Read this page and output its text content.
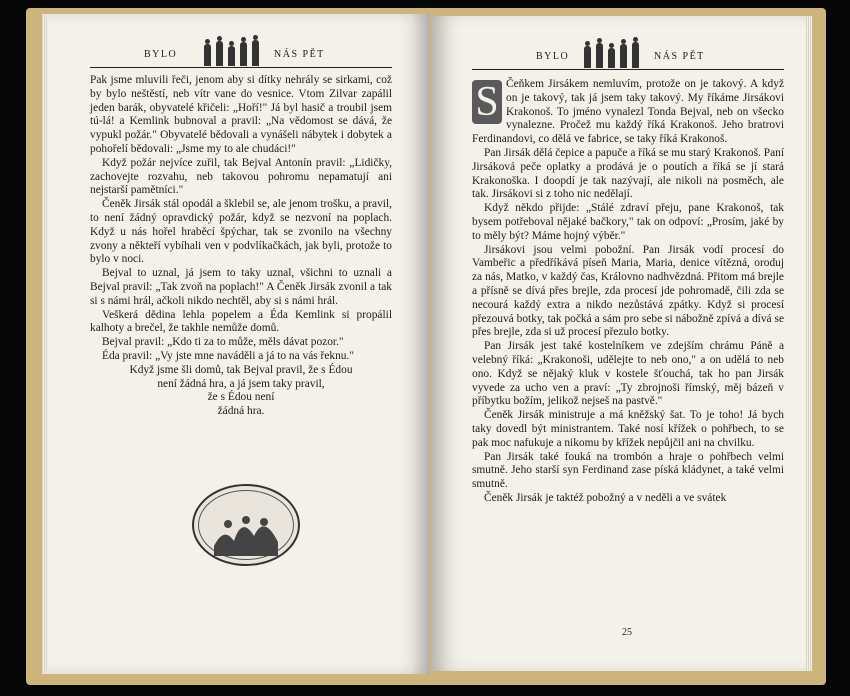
BYLO	NÁS PĚT

Pak jsme mluvili řeči, jenom aby si dítky nehrály se sirkami, což by bylo neštěstí, neb vítr vane do vesnice. Vtom Zilvar zapálil jeden barák, obyvatelé křičeli: „Hoří!" Já byl hasič a troubil jsem tú-lá! a Kemlink bubnoval a pravil: „Na vědomost se dává, že vypukl požár." Obyvatelé bědovali a vynášeli nábytek i dobytek a pohořelí bědovali: „Jsme my to ale chudáci!"

Když požár nejvíce zuřil, tak Bejval Antonín pravil: „Lidičky, zachovejte rozvahu, neb takovou pohromu nepamatují ani nejstarší pamětníci."

Čeněk Jirsák stál opodál a šklebil se, ale jenom trošku, a pravil, to není žádný opravdický požár, když se nezvoní na poplach. Když u nás hořel hraběcí špýchar, tak se zvonilo na všechny zvony a někteří vybíhali ven v podvlíkačkách, jak byli, protože to bylo v noci.

Bejval to uznal, já jsem to taky uznal, všichni to uznali a Bejval pravil: „Tak zvoň na poplach!" A Čeněk Jirsák zvonil a tak si s námi hrál, ačkoli nikdo nechtěl, aby si s námi hrál.

Veškerá dědina lehla popelem a Éda Kemlink si propálil kalhoty a brečel, že takhle nemůže domů.

Bejval pravil: „Kdo ti za to může, měls dávat pozor."

Éda pravil: „Vy jste mne naváděli a já to na vás řeknu."

Když jsme šli domů, tak Bejval pravil, že s Édou

není žádná hra, a já jsem taky pravil,

že s Édou není

žádná hra.

BYLO	NÁS PĚT

S Čeňkem Jirsákem nemluvím, protože on je takový. A když on je takový, tak já jsem taky takový. My říkáme Jirsákovi Krakonoš. To jméno vynalezl Tonda Bejval, neb on všecko vynalezne. Pročež mu každý říká Krakonoš. Jeho bratrovi Ferdinandovi, co dělá ve fabrice, se taky říká Krakonoš.

Pan Jirsák dělá čepice a papuče a říká se mu starý Krakonoš. Paní Jirsáková peče oplatky a prodává je o poutích a říká se jí stará Krakonoška. I doopdí je tak nazývají, ale nikoli na posměch, ale tak. Jirsákovi si z toho nic nedělají.

Když někdo přijde: „Stálé zdraví přeju, pane Krakonoš, tak bysem potřeboval nějaké bačkory," tak on odpoví: „Prosím, jaké by to měly být? Máme hojný výběr."

Jirsákovi jsou velmi pobožní. Pan Jirsák vodí procesí do Vambeřic a předříkává píseň Maria, Maria, denice vítězná, oroduj za nás, Matko, v každý čas, Královno nadhvězdná. Přitom má brejle a přísně se dívá přes brejle, zda procesí jde pohromadě, čili zda se necourá každý extra a nikdo nezůstává zpátky. Když si procesí přezouvá botky, tak počká a sám pro sebe si nábožně zpívá a dívá se přes brejle, zda si už procesí přezulo botky.

Pan Jirsák jest také kostelníkem ve zdejším chrámu Páně a velebný říká: „Krakonoši, udělejte to neb ono," a on udělá to neb ono. Když se nějaký kluk v kostele šťouchá, tak ho pan Jirsák vyvede za ucho ven a praví: „Ty zbrojnoši římský, měj bázeň v příbytku božím, jelikož nejseš na pastvě."

Čeněk Jirsák ministruje a má kněžský šat. To je toho! Já bych taky dovedl být ministrantem. Také nosí křížek o pohřbech, to se pak moc nafukuje a nikomu by křížek nepůjčil ani na chvilku.

Pan Jirsák také fouká na trombón a hraje o pohřbech velmi smutně. Jeho starší syn Ferdinand zase píská kládynet, a také velmi smutně.

Čeněk Jirsák je taktéž pobožný a v neděli a ve svátek

25
